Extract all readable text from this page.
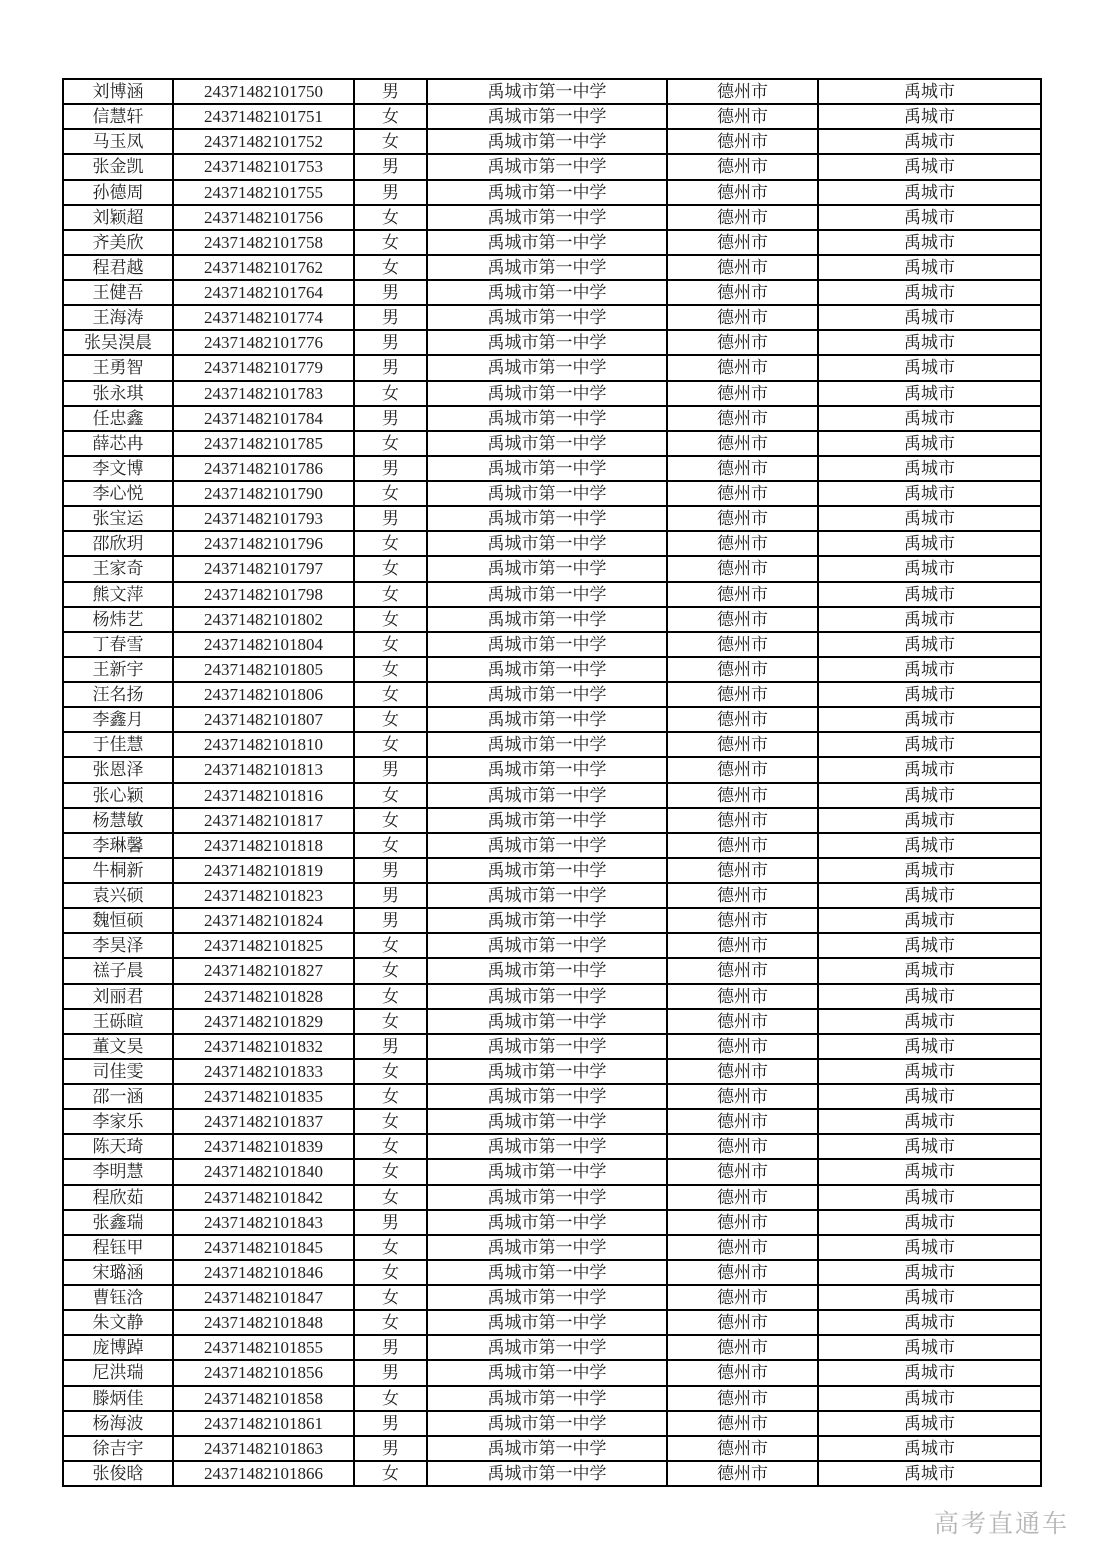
刘博涵	24371482101750	男	禹城市第一中学	德州市	禹城市
信慧轩	24371482101751	女	禹城市第一中学	德州市	禹城市
马玉凤	24371482101752	女	禹城市第一中学	德州市	禹城市
张金凯	24371482101753	男	禹城市第一中学	德州市	禹城市
孙德周	24371482101755	男	禹城市第一中学	德州市	禹城市
刘颖超	24371482101756	女	禹城市第一中学	德州市	禹城市
齐美欣	24371482101758	女	禹城市第一中学	德州市	禹城市
程君越	24371482101762	女	禹城市第一中学	德州市	禹城市
王健吾	24371482101764	男	禹城市第一中学	德州市	禹城市
王海涛	24371482101774	男	禹城市第一中学	德州市	禹城市
张吴淏晨	24371482101776	男	禹城市第一中学	德州市	禹城市
王勇智	24371482101779	男	禹城市第一中学	德州市	禹城市
张永琪	24371482101783	女	禹城市第一中学	德州市	禹城市
任忠鑫	24371482101784	男	禹城市第一中学	德州市	禹城市
薛芯冉	24371482101785	女	禹城市第一中学	德州市	禹城市
李文博	24371482101786	男	禹城市第一中学	德州市	禹城市
李心悦	24371482101790	女	禹城市第一中学	德州市	禹城市
张宝运	24371482101793	男	禹城市第一中学	德州市	禹城市
邵欣玥	24371482101796	女	禹城市第一中学	德州市	禹城市
王家奇	24371482101797	女	禹城市第一中学	德州市	禹城市
熊文萍	24371482101798	女	禹城市第一中学	德州市	禹城市
杨炜艺	24371482101802	女	禹城市第一中学	德州市	禹城市
丁春雪	24371482101804	女	禹城市第一中学	德州市	禹城市
王新宇	24371482101805	女	禹城市第一中学	德州市	禹城市
汪名扬	24371482101806	女	禹城市第一中学	德州市	禹城市
李鑫月	24371482101807	女	禹城市第一中学	德州市	禹城市
于佳慧	24371482101810	女	禹城市第一中学	德州市	禹城市
张恩泽	24371482101813	男	禹城市第一中学	德州市	禹城市
张心颖	24371482101816	女	禹城市第一中学	德州市	禹城市
杨慧敏	24371482101817	女	禹城市第一中学	德州市	禹城市
李琳馨	24371482101818	女	禹城市第一中学	德州市	禹城市
牛桐新	24371482101819	男	禹城市第一中学	德州市	禹城市
袁兴硕	24371482101823	男	禹城市第一中学	德州市	禹城市
魏恒硕	24371482101824	男	禹城市第一中学	德州市	禹城市
李昊泽	24371482101825	女	禹城市第一中学	德州市	禹城市
禚子晨	24371482101827	女	禹城市第一中学	德州市	禹城市
刘丽君	24371482101828	女	禹城市第一中学	德州市	禹城市
王砾暄	24371482101829	女	禹城市第一中学	德州市	禹城市
董文昊	24371482101832	男	禹城市第一中学	德州市	禹城市
司佳雯	24371482101833	女	禹城市第一中学	德州市	禹城市
邵一涵	24371482101835	女	禹城市第一中学	德州市	禹城市
李家乐	24371482101837	女	禹城市第一中学	德州市	禹城市
陈天琦	24371482101839	女	禹城市第一中学	德州市	禹城市
李明慧	24371482101840	女	禹城市第一中学	德州市	禹城市
程欣茹	24371482101842	女	禹城市第一中学	德州市	禹城市
张鑫瑞	24371482101843	男	禹城市第一中学	德州市	禹城市
程钰甲	24371482101845	女	禹城市第一中学	德州市	禹城市
宋璐涵	24371482101846	女	禹城市第一中学	德州市	禹城市
曹钰浛	24371482101847	女	禹城市第一中学	德州市	禹城市
朱文静	24371482101848	女	禹城市第一中学	德州市	禹城市
庞博踔	24371482101855	男	禹城市第一中学	德州市	禹城市
尼洪瑞	24371482101856	男	禹城市第一中学	德州市	禹城市
滕炳佳	24371482101858	女	禹城市第一中学	德州市	禹城市
杨海波	24371482101861	男	禹城市第一中学	德州市	禹城市
徐吉宇	24371482101863	男	禹城市第一中学	德州市	禹城市
张俊晗	24371482101866	女	禹城市第一中学	德州市	禹城市
高考直通车
